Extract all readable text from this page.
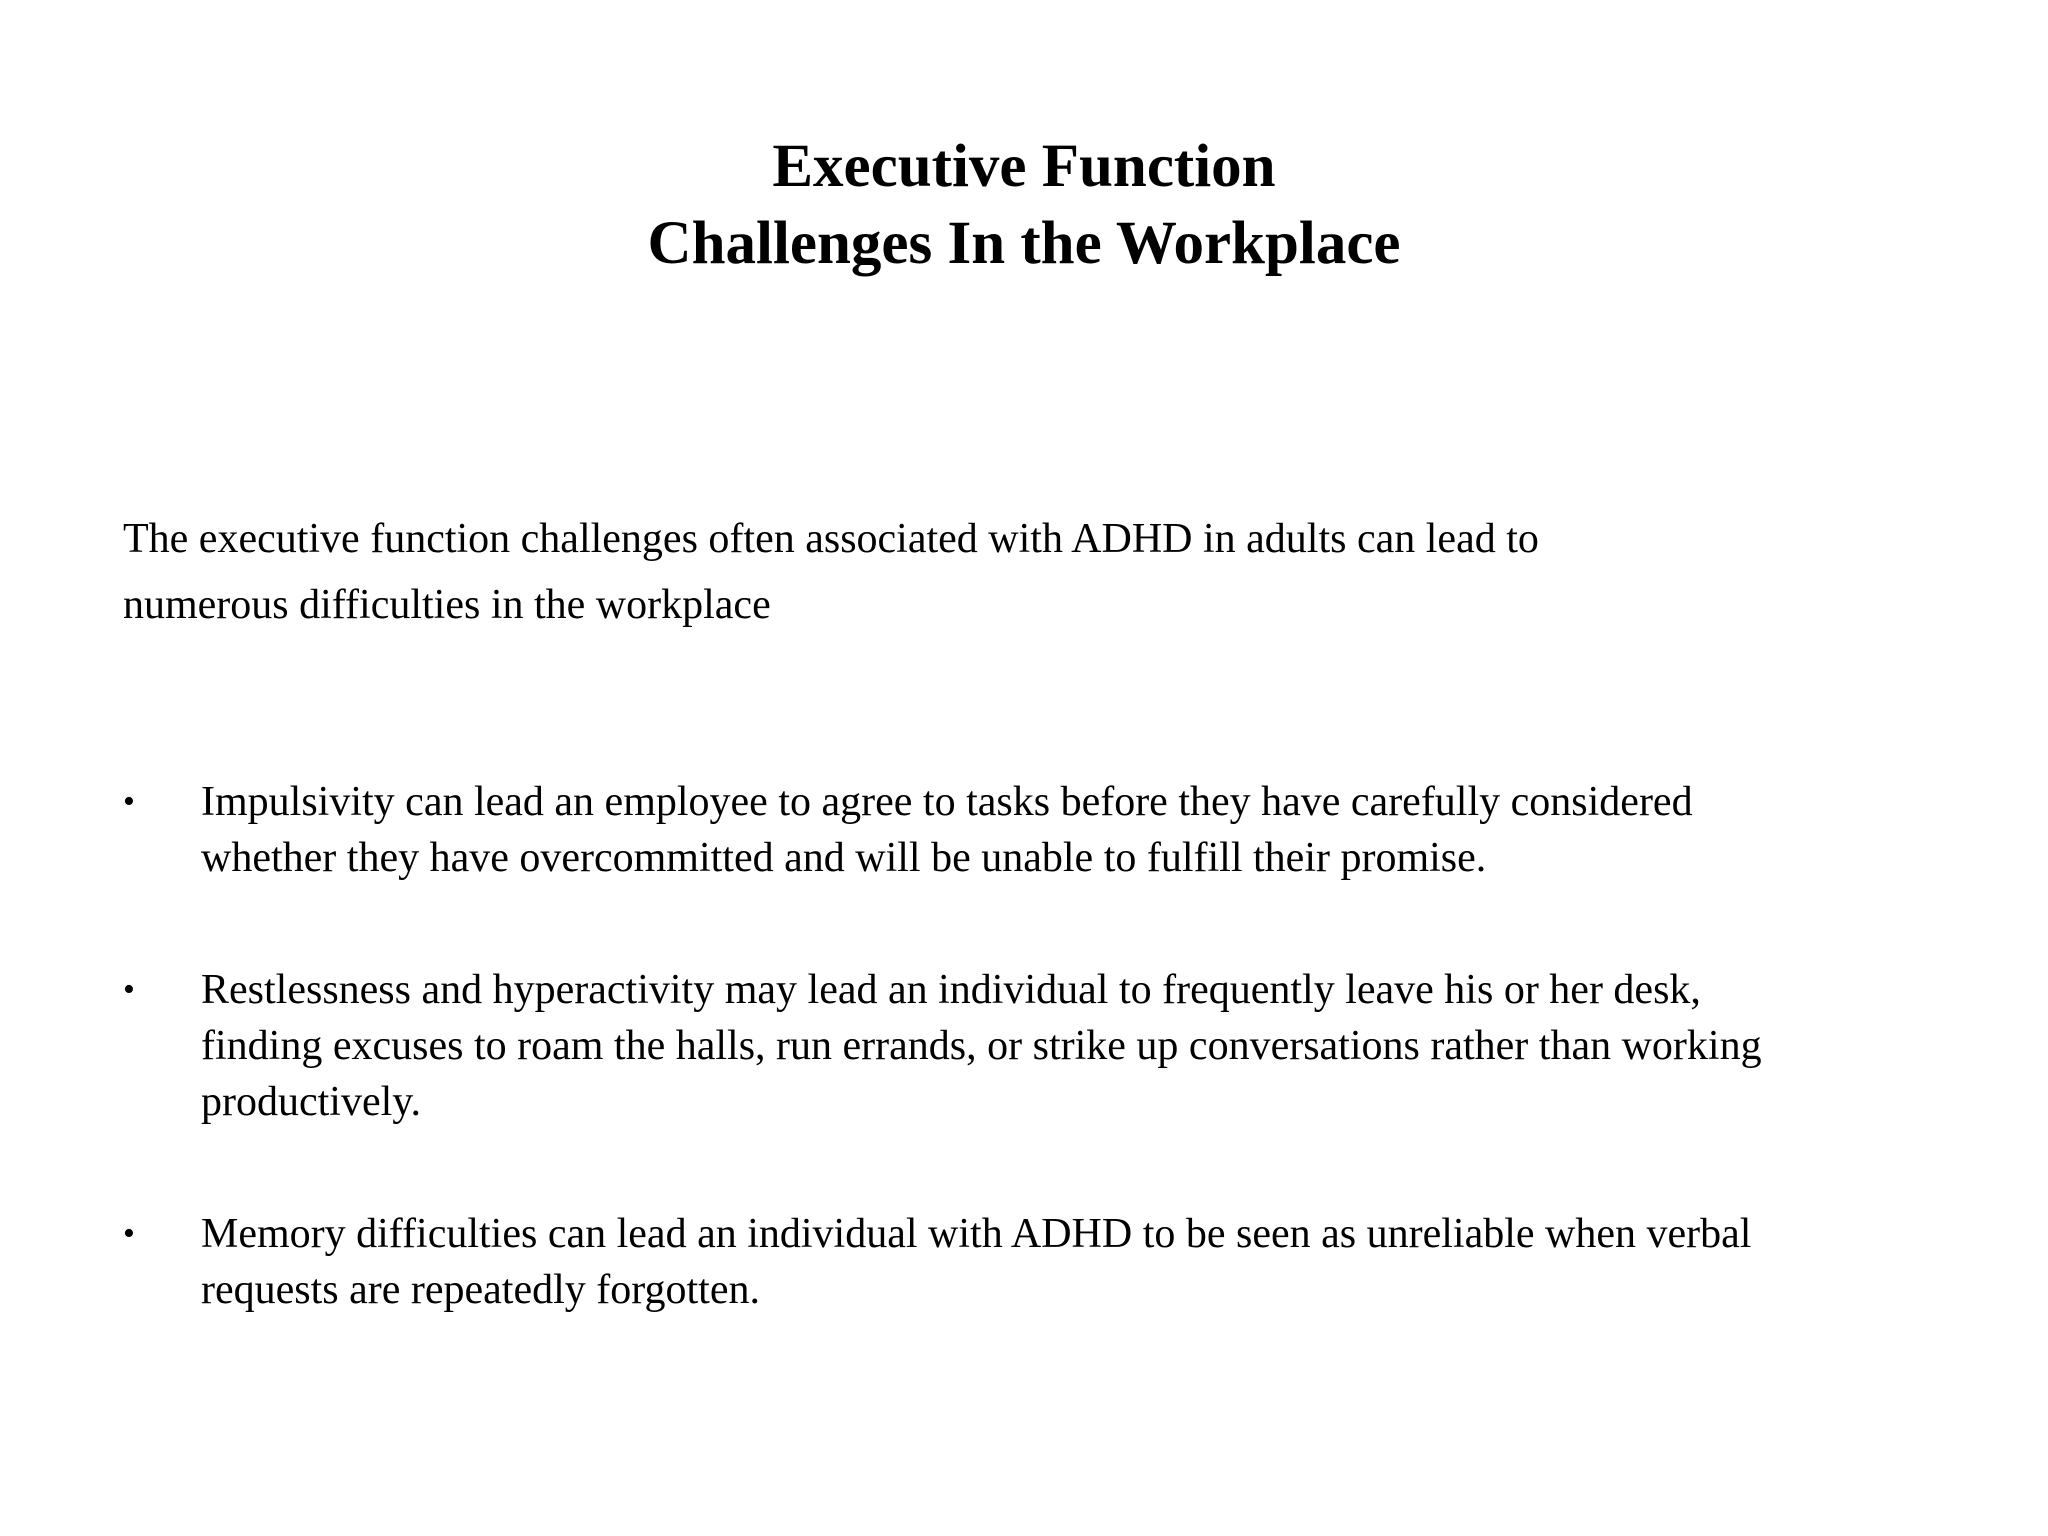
Executive Function
Challenges In the Workplace
The executive function challenges often associated with ADHD in adults can lead to
numerous difficulties in the workplace
•	Impulsivity can lead an employee to agree to tasks before they have carefully considered
whether they have overcommitted and will be unable to fulfill their promise.
•	Restlessness and hyperactivity may lead an individual to frequently leave his or her desk,
finding excuses to roam the halls, run errands, or strike up conversations rather than working
productively.
•	Memory difficulties can lead an individual with ADHD to be seen as unreliable when verbal
requests are repeatedly forgotten.
